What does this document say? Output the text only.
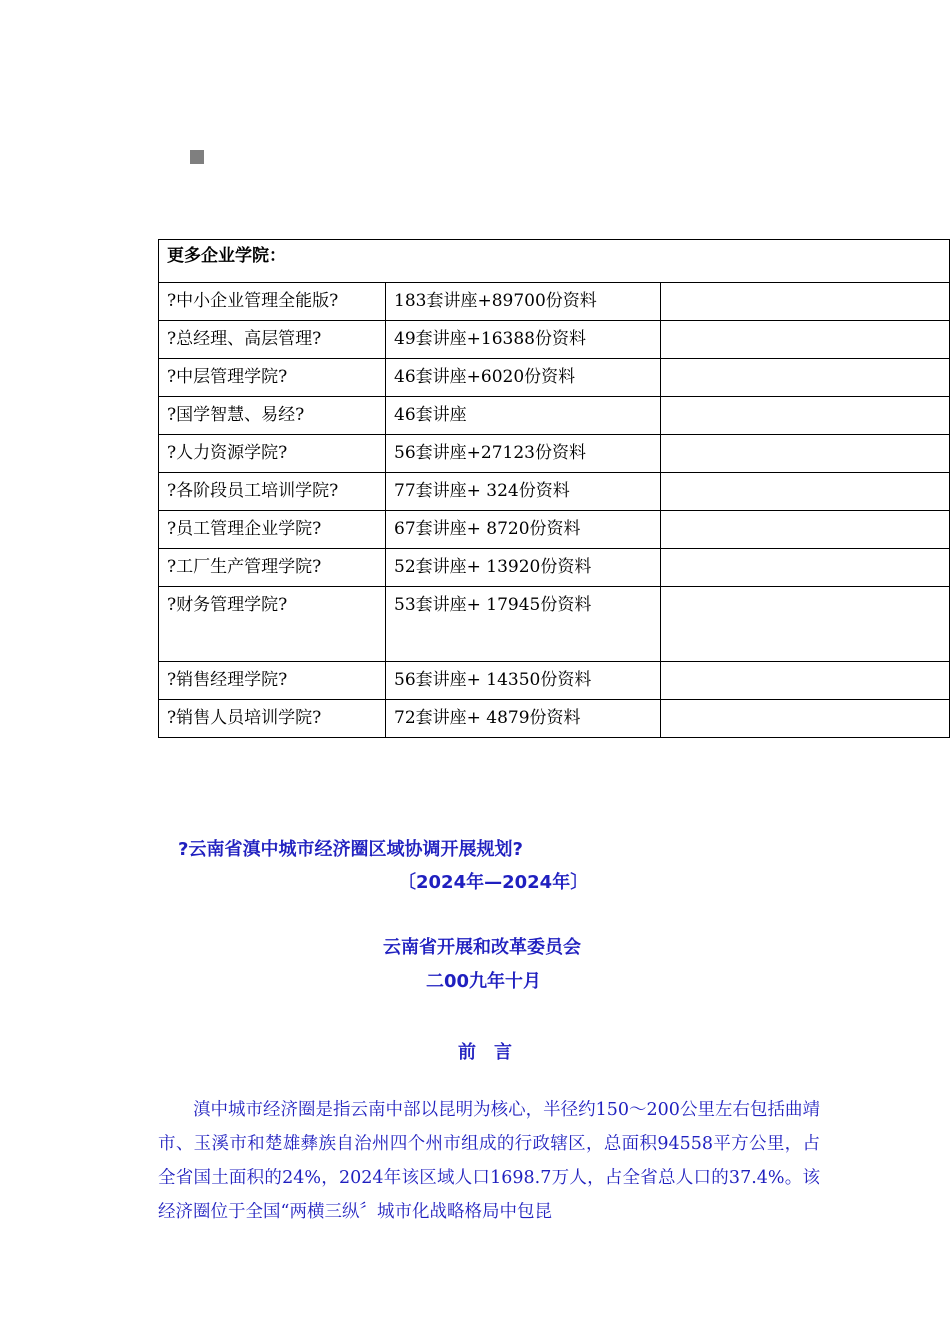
更多企业学院：		
?中小企业管理全能版?	183套讲座+89700份资料	
?总经理、高层管理?	49套讲座+16388份资料	
?中层管理学院?	46套讲座+6020份资料	
?国学智慧、易经?	46套讲座	
?人力资源学院?	56套讲座+27123份资料	
?各阶段员工培训学院?	77套讲座+ 324份资料	
?员工管理企业学院?	67套讲座+ 8720份资料	
?工厂生产管理学院?	52套讲座+ 13920份资料	
?财务管理学院?	53套讲座+ 17945份资料	
?销售经理学院?	56套讲座+ 14350份资料	
?销售人员培训学院?	72套讲座+ 4879份资料	
?云南省滇中城市经济圈区域协调开展规划?
〔2024年—2024年〕
云南省开展和改革委员会
二00九年十月
前　言

滇中城市经济圈是指云南中部以昆明为核心，半径约150～200公里左右包括曲靖市、玉溪市和楚雄彝族自治州四个州市组成的行政辖区，总面积94558平方公里，占全省国土面积的24%，2024年该区域人口1698.7万人，占全省总人口的37.4%。该经济圈位于全国“两横三纵〞城市化战略格局中包昆
